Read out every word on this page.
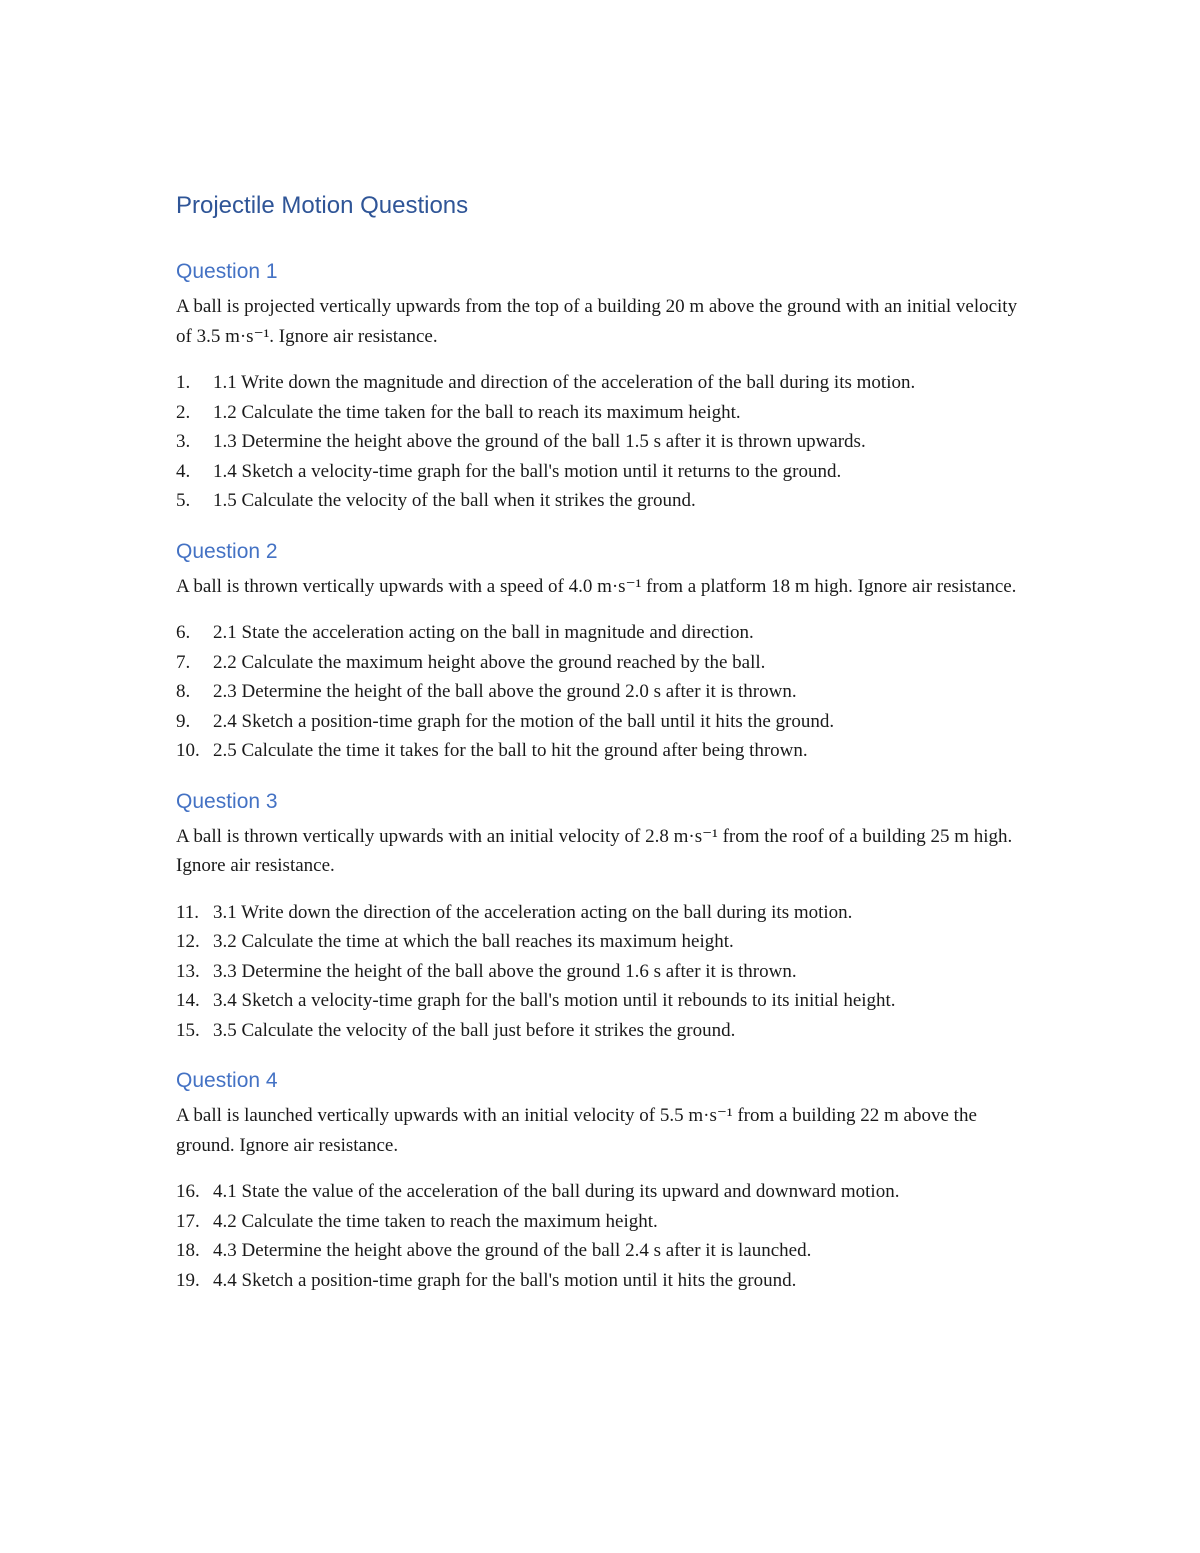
Projectile Motion Questions
Question 1

A ball is projected vertically upwards from the top of a building 20 m above the ground with an initial velocity of 3.5 m·s⁻¹. Ignore air resistance.

1. 1.1 Write down the magnitude and direction of the acceleration of the ball during its motion.
2. 1.2 Calculate the time taken for the ball to reach its maximum height.
3. 1.3 Determine the height above the ground of the ball 1.5 s after it is thrown upwards.
4. 1.4 Sketch a velocity-time graph for the ball's motion until it returns to the ground.
5. 1.5 Calculate the velocity of the ball when it strikes the ground.
Question 2

A ball is thrown vertically upwards with a speed of 4.0 m·s⁻¹ from a platform 18 m high. Ignore air resistance.

6. 2.1 State the acceleration acting on the ball in magnitude and direction.
7. 2.2 Calculate the maximum height above the ground reached by the ball.
8. 2.3 Determine the height of the ball above the ground 2.0 s after it is thrown.
9. 2.4 Sketch a position-time graph for the motion of the ball until it hits the ground.
10. 2.5 Calculate the time it takes for the ball to hit the ground after being thrown.
Question 3

A ball is thrown vertically upwards with an initial velocity of 2.8 m·s⁻¹ from the roof of a building 25 m high. Ignore air resistance.

11. 3.1 Write down the direction of the acceleration acting on the ball during its motion.
12. 3.2 Calculate the time at which the ball reaches its maximum height.
13. 3.3 Determine the height of the ball above the ground 1.6 s after it is thrown.
14. 3.4 Sketch a velocity-time graph for the ball's motion until it rebounds to its initial height.
15. 3.5 Calculate the velocity of the ball just before it strikes the ground.
Question 4

A ball is launched vertically upwards with an initial velocity of 5.5 m·s⁻¹ from a building 22 m above the ground. Ignore air resistance.

16. 4.1 State the value of the acceleration of the ball during its upward and downward motion.
17. 4.2 Calculate the time taken to reach the maximum height.
18. 4.3 Determine the height above the ground of the ball 2.4 s after it is launched.
19. 4.4 Sketch a position-time graph for the ball's motion until it hits the ground.
